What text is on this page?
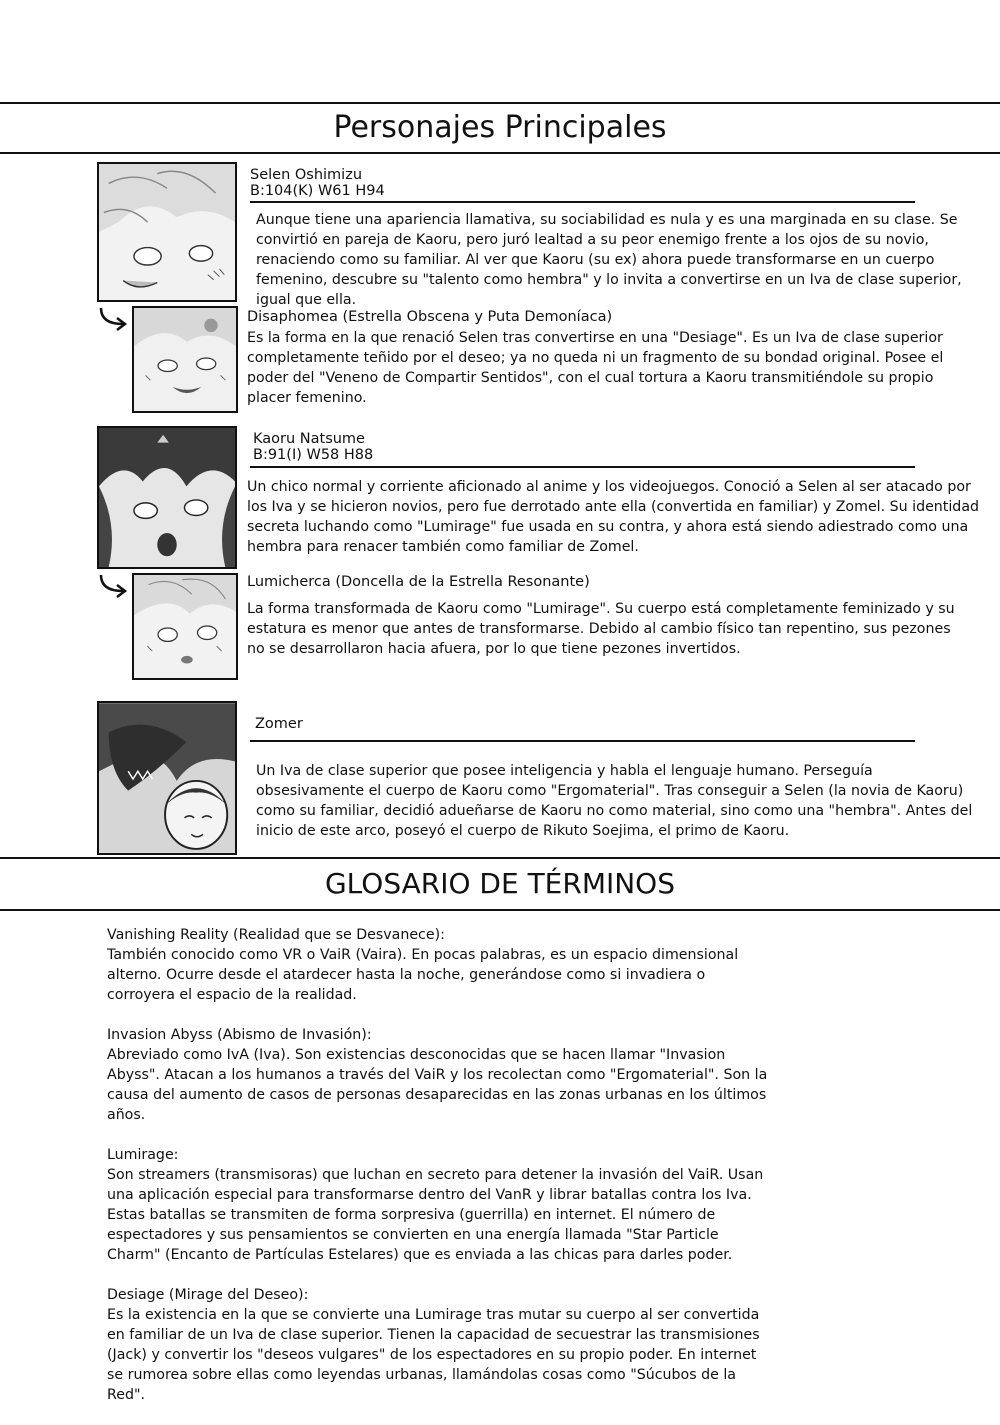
Personajes Principales
Selen Oshimizu
B:104(K) W61 H94

Aunque tiene una apariencia llamativa, su sociabilidad es nula y es una marginada en su clase. Se convirtió en pareja de Kaoru, pero juró lealtad a su peor enemigo frente a los ojos de su novio, renaciendo como su familiar. Al ver que Kaoru (su ex) ahora puede transformarse en un cuerpo femenino, descubre su "talento como hembra" y lo invita a convertirse en un Iva de clase superior, igual que ella.

Disaphomea (Estrella Obscena y Puta Demoníaca)

Es la forma en la que renació Selen tras convertirse en una "Desiage". Es un Iva de clase superior completamente teñido por el deseo; ya no queda ni un fragmento de su bondad original. Posee el poder del "Veneno de Compartir Sentidos", con el cual tortura a Kaoru transmitiéndole su propio placer femenino.

Kaoru Natsume
B:91(I) W58 H88

Un chico normal y corriente aficionado al anime y los videojuegos. Conoció a Selen al ser atacado por los Iva y se hicieron novios, pero fue derrotado ante ella (convertida en familiar) y Zomel. Su identidad secreta luchando como "Lumirage" fue usada en su contra, y ahora está siendo adiestrado como una hembra para renacer también como familiar de Zomel.

Lumicherca (Doncella de la Estrella Resonante)

La forma transformada de Kaoru como "Lumirage". Su cuerpo está completamente feminizado y su estatura es menor que antes de transformarse. Debido al cambio físico tan repentino, sus pezones no se desarrollaron hacia afuera, por lo que tiene pezones invertidos.

Zomer

Un Iva de clase superior que posee inteligencia y habla el lenguaje humano. Perseguía obsesivamente el cuerpo de Kaoru como "Ergomaterial". Tras conseguir a Selen (la novia de Kaoru) como su familiar, decidió adueñarse de Kaoru no como material, sino como una "hembra". Antes del inicio de este arco, poseyó el cuerpo de Rikuto Soejima, el primo de Kaoru.

GLOSARIO DE TÉRMINOS

Vanishing Reality (Realidad que se Desvanece):

También conocido como VR o VaiR (Vaira). En pocas palabras, es un espacio dimensional alterno. Ocurre desde el atardecer hasta la noche, generándose como si invadiera o corroyera el espacio de la realidad.

Invasion Abyss (Abismo de Invasión):

Abreviado como IvA (Iva). Son existencias desconocidas que se hacen llamar "Invasion Abyss". Atacan a los humanos a través del VaiR y los recolectan como "Ergomaterial". Son la causa del aumento de casos de personas desaparecidas en las zonas urbanas en los últimos años.

Lumirage:

Son streamers (transmisoras) que luchan en secreto para detener la invasión del VaiR. Usan una aplicación especial para transformarse dentro del VanR y librar batallas contra los Iva. Estas batallas se transmiten de forma sorpresiva (guerrilla) en internet. El número de espectadores y sus pensamientos se convierten en una energía llamada "Star Particle Charm" (Encanto de Partículas Estelares) que es enviada a las chicas para darles poder.

Desiage (Mirage del Deseo):

Es la existencia en la que se convierte una Lumirage tras mutar su cuerpo al ser convertida en familiar de un Iva de clase superior. Tienen la capacidad de secuestrar las transmisiones (Jack) y convertir los "deseos vulgares" de los espectadores en su propio poder. En internet se rumorea sobre ellas como leyendas urbanas, llamándolas cosas como "Súcubos de la Red".
